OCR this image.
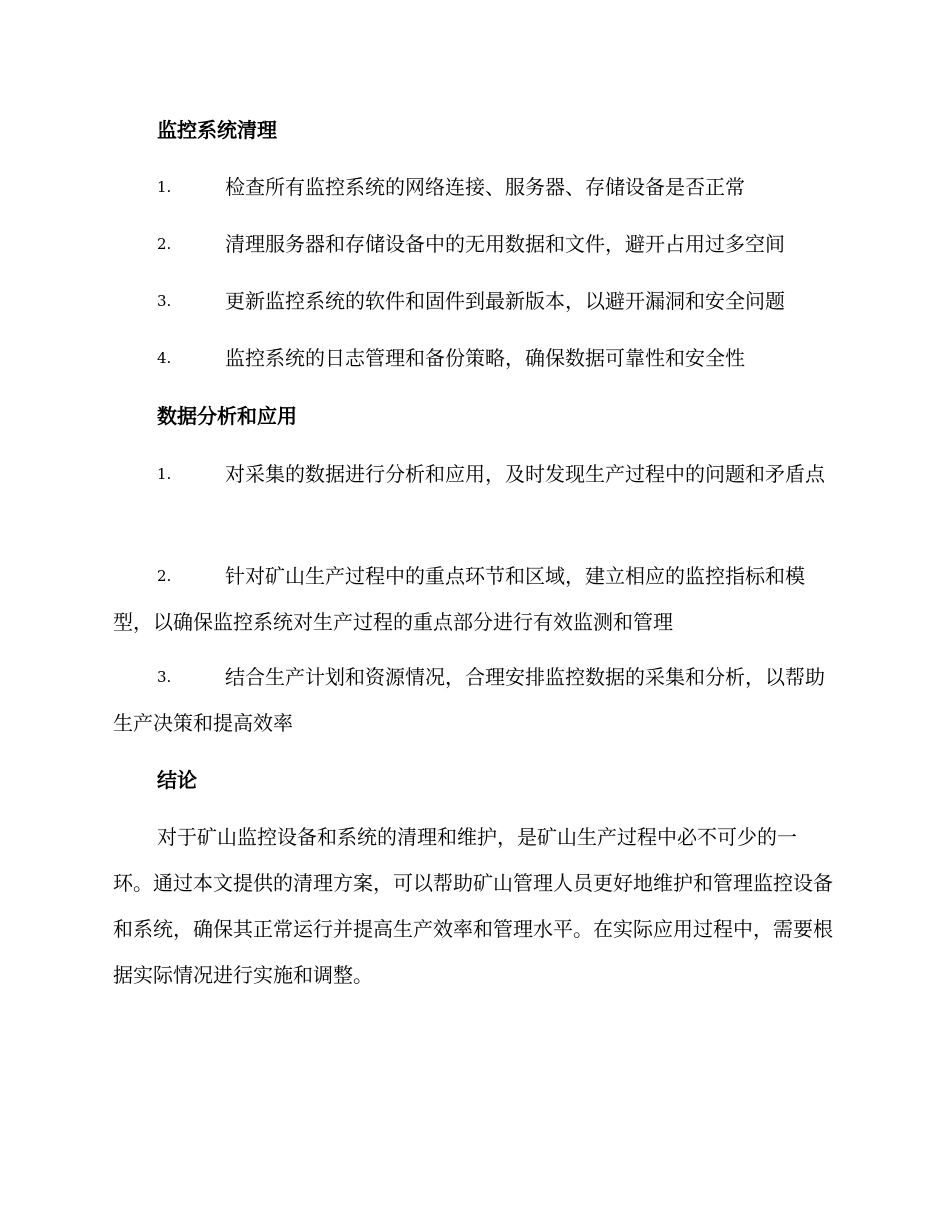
监控系统清理
1.	检查所有监控系统的网络连接、服务器、存储设备是否正常
2.	清理服务器和存储设备中的无用数据和文件，避开占用过多空间
3.	更新监控系统的软件和固件到最新版本，以避开漏洞和安全问题
4.	监控系统的日志管理和备份策略，确保数据可靠性和安全性
数据分析和应用
1.	对采集的数据进行分析和应用，及时发现生产过程中的问题和矛盾点
2.	针对矿山生产过程中的重点环节和区域，建立相应的监控指标和模型，以确保监控系统对生产过程的重点部分进行有效监测和管理
3.	结合生产计划和资源情况，合理安排监控数据的采集和分析，以帮助生产决策和提高效率
结论
对于矿山监控设备和系统的清理和维护，是矿山生产过程中必不可少的一环。通过本文提供的清理方案，可以帮助矿山管理人员更好地维护和管理监控设备和系统，确保其正常运行并提高生产效率和管理水平。在实际应用过程中，需要根据实际情况进行实施和调整。
